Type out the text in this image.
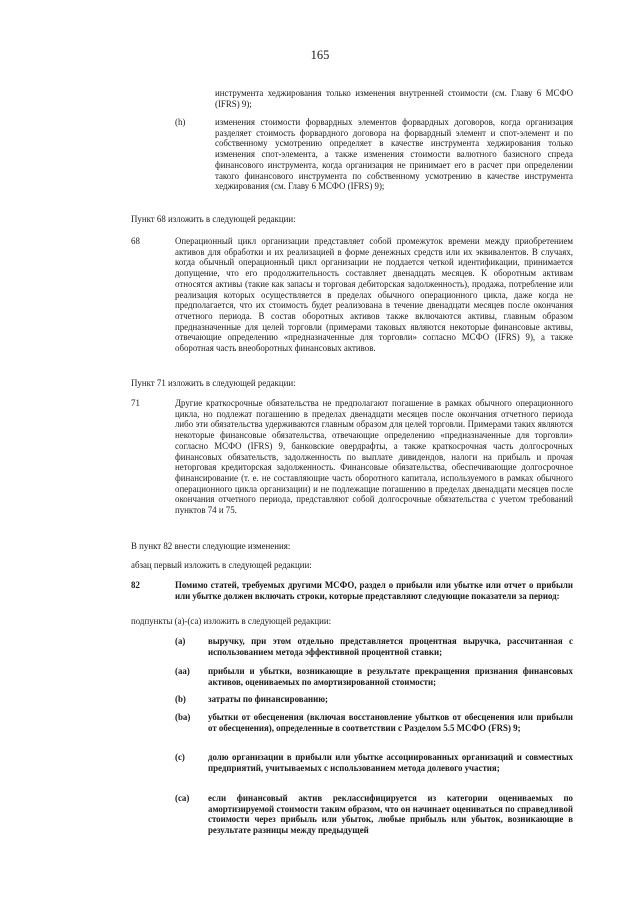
165
инструмента хеджирования только изменения внутренней стоимости (см. Главу 6 МСФО (IFRS) 9);
(h)	изменения стоимости форвардных элементов форвардных договоров, когда организация разделяет стоимость форвардного договора на форвардный элемент и спот-элемент и по собственному усмотрению определяет в качестве инструмента хеджирования только изменения спот-элемента, а также изменения стоимости валютного базисного спреда финансового инструмента, когда организация не принимает его в расчет при определении такого финансового инструмента по собственному усмотрению в качестве инструмента хеджирования (см. Главу 6 МСФО (IFRS) 9);
Пункт 68 изложить в следующей редакции:
68	Операционный цикл организации представляет собой промежуток времени между приобретением активов для обработки и их реализацией в форме денежных средств или их эквивалентов. В случаях, когда обычный операционный цикл организации не поддается четкой идентификации, принимается допущение, что его продолжительность составляет двенадцать месяцев. К оборотным активам относятся активы (такие как запасы и торговая дебиторская задолженность), продажа, потребление или реализация которых осуществляется в пределах обычного операционного цикла, даже когда не предполагается, что их стоимость будет реализована в течение двенадцати месяцев после окончания отчетного периода. В состав оборотных активов также включаются активы, главным образом предназначенные для целей торговли (примерами таковых являются некоторые финансовые активы, отвечающие определению «предназначенные для торговли» согласно МСФО (IFRS) 9), а также оборотная часть внеоборотных финансовых активов.
Пункт 71 изложить в следующей редакции:
71	Другие краткосрочные обязательства не предполагают погашение в рамках обычного операционного цикла, но подлежат погашению в пределах двенадцати месяцев после окончания отчетного периода либо эти обязательства удерживаются главным образом для целей торговли. Примерами таких являются некоторые финансовые обязательства, отвечающие определению «предназначенные для торговли» согласно МСФО (IFRS) 9, банковские овердрафты, а также краткосрочная часть долгосрочных финансовых обязательств, задолженность по выплате дивидендов, налоги на прибыль и прочая неторговая кредиторская задолженность. Финансовые обязательства, обеспечивающие долгосрочное финансирование (т. е. не составляющие часть оборотного капитала, используемого в рамках обычного операционного цикла организации) и не подлежащие погашению в пределах двенадцати месяцев после окончания отчетного периода, представляют собой долгосрочные обязательства с учетом требований пунктов 74 и 75.
В пункт 82 внести следующие изменения:
абзац первый изложить в следующей редакции:
82	Помимо статей, требуемых другими МСФО, раздел о прибыли или убытке или отчет о прибыли или убытке должен включать строки, которые представляют следующие показатели за период:
подпункты (а)-(са) изложить в следующей редакции:
(a)	выручку, при этом отдельно представляется процентная выручка, рассчитанная с использованием метода эффективной процентной ставки;
(aa) прибыли и убытки, возникающие в результате прекращения признания финансовых активов, оцениваемых по амортизированной стоимости;
(b) затраты по финансированию;
(ba) убытки от обесценения (включая восстановление убытков от обесценения или прибыли от обесценения), определенные в соответствии с Разделом 5.5 МСФО (FRS) 9;
(c)	долю организации в прибыли или убытке ассоциированных организаций и совместных предприятий, учитываемых с использованием метода долевого участия;
(ca) если финансовый актив реклассифицируется из категории оцениваемых по амортизируемой стоимости таким образом, что он начинает оцениваться по справедливой стоимости через прибыль или убыток, любые прибыль или убыток, возникающие в результате разницы между предыдущей
